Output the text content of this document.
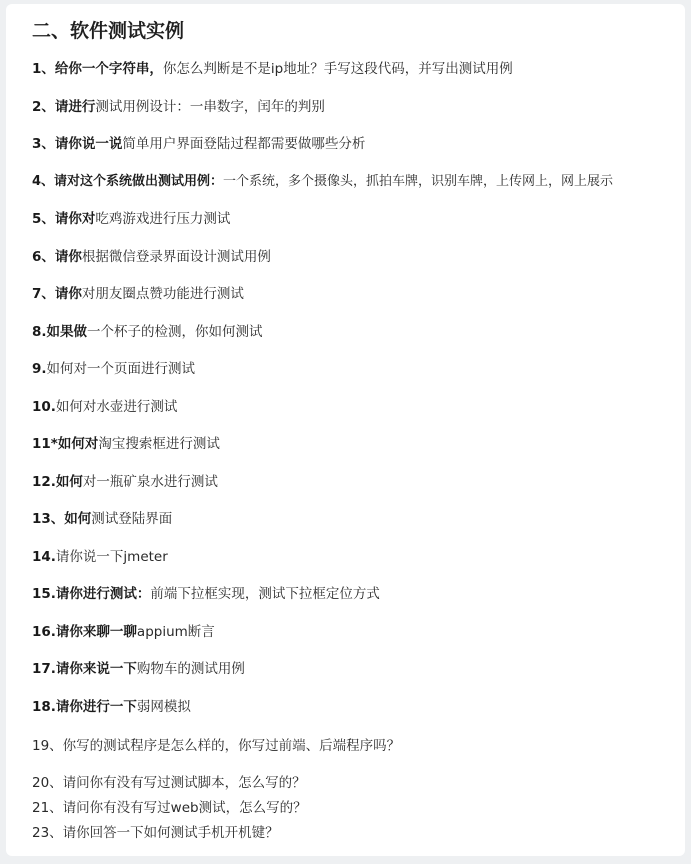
二、软件测试实例
1、给你一个字符串，你怎么判断是不是ip地址？手写这段代码，并写出测试用例
2、请进行测试用例设计：一串数字，闰年的判别
3、请你说一说简单用户界面登陆过程都需要做哪些分析
4、请对这个系统做出测试用例：一个系统，多个摄像头，抓拍车牌，识别车牌，上传网上，网上展示
5、请你对吃鸡游戏进行压力测试
6、请你根据微信登录界面设计测试用例
7、请你对朋友圈点赞功能进行测试
8.如果做一个杯子的检测，你如何测试
9.如何对一个页面进行测试
10.如何对水壶进行测试
11*如何对淘宝搜索框进行测试
12.如何对一瓶矿泉水进行测试
13、如何测试登陆界面
14.请你说一下jmeter
15.请你进行测试：前端下拉框实现，测试下拉框定位方式
16.请你来聊一聊appium断言
17.请你来说一下购物车的测试用例
18.请你进行一下弱网模拟
19、你写的测试程序是怎么样的，你写过前端、后端程序吗？
20、请问你有没有写过测试脚本，怎么写的？
21、请问你有没有写过web测试，怎么写的？
23、请你回答一下如何测试手机开机键？
